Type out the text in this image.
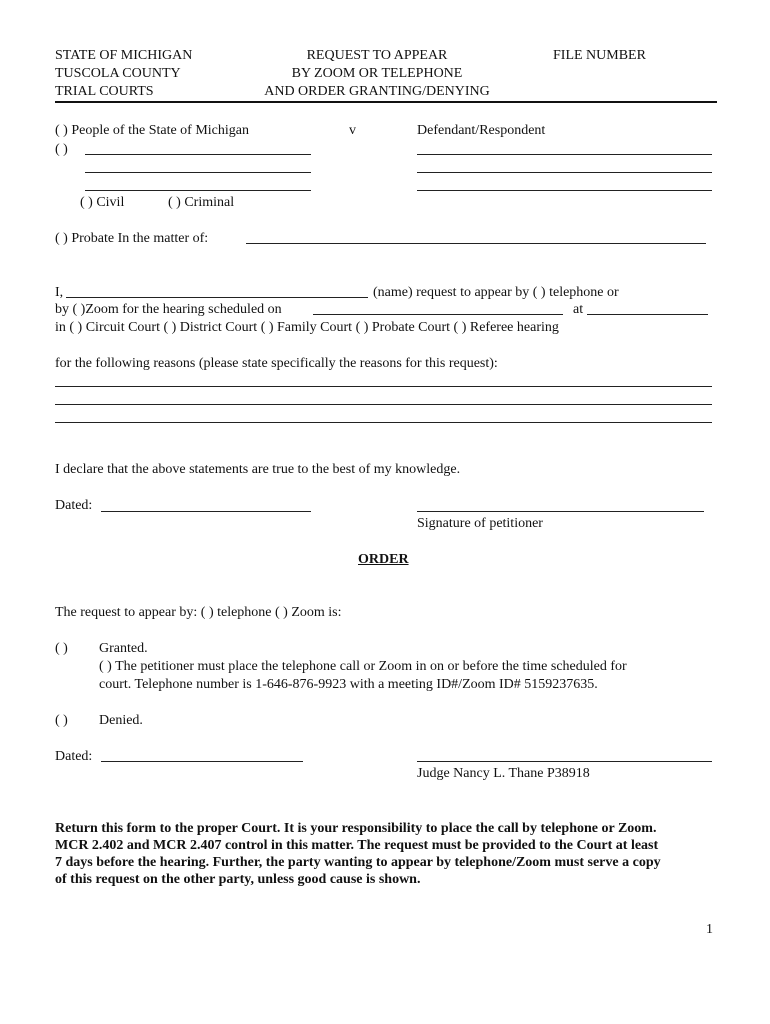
STATE OF MICHIGAN
TUSCOLA COUNTY
TRIAL COURTS
REQUEST TO APPEAR
BY ZOOM OR TELEPHONE
AND ORDER GRANTING/DENYING
FILE NUMBER
( ) People of the State of Michigan	v	Defendant/Respondent
( )
( ) Civil	( ) Criminal
( ) Probate In the matter of:
I,	(name) request to appear by ( ) telephone or
by ( )Zoom for the hearing scheduled on	at
in ( ) Circuit Court ( ) District Court ( ) Family Court ( ) Probate Court ( ) Referee hearing
for the following reasons (please state specifically the reasons for this request):
I declare that the above statements are true to the best of my knowledge.
Dated:
Signature of petitioner
ORDER
The request to appear by: ( ) telephone ( ) Zoom is:
( ) Granted.
( ) The petitioner must place the telephone call or Zoom in on or before the time scheduled for
court. Telephone number is 1-646-876-9923 with a meeting ID#/Zoom ID# 5159237635.
( ) Denied.
Dated:
Judge Nancy L. Thane P38918
Return this form to the proper Court. It is your responsibility to place the call by telephone or Zoom.
MCR 2.402 and MCR 2.407 control in this matter. The request must be provided to the Court at least
7 days before the hearing. Further, the party wanting to appear by telephone/Zoom must serve a copy
of this request on the other party, unless good cause is shown.
1
